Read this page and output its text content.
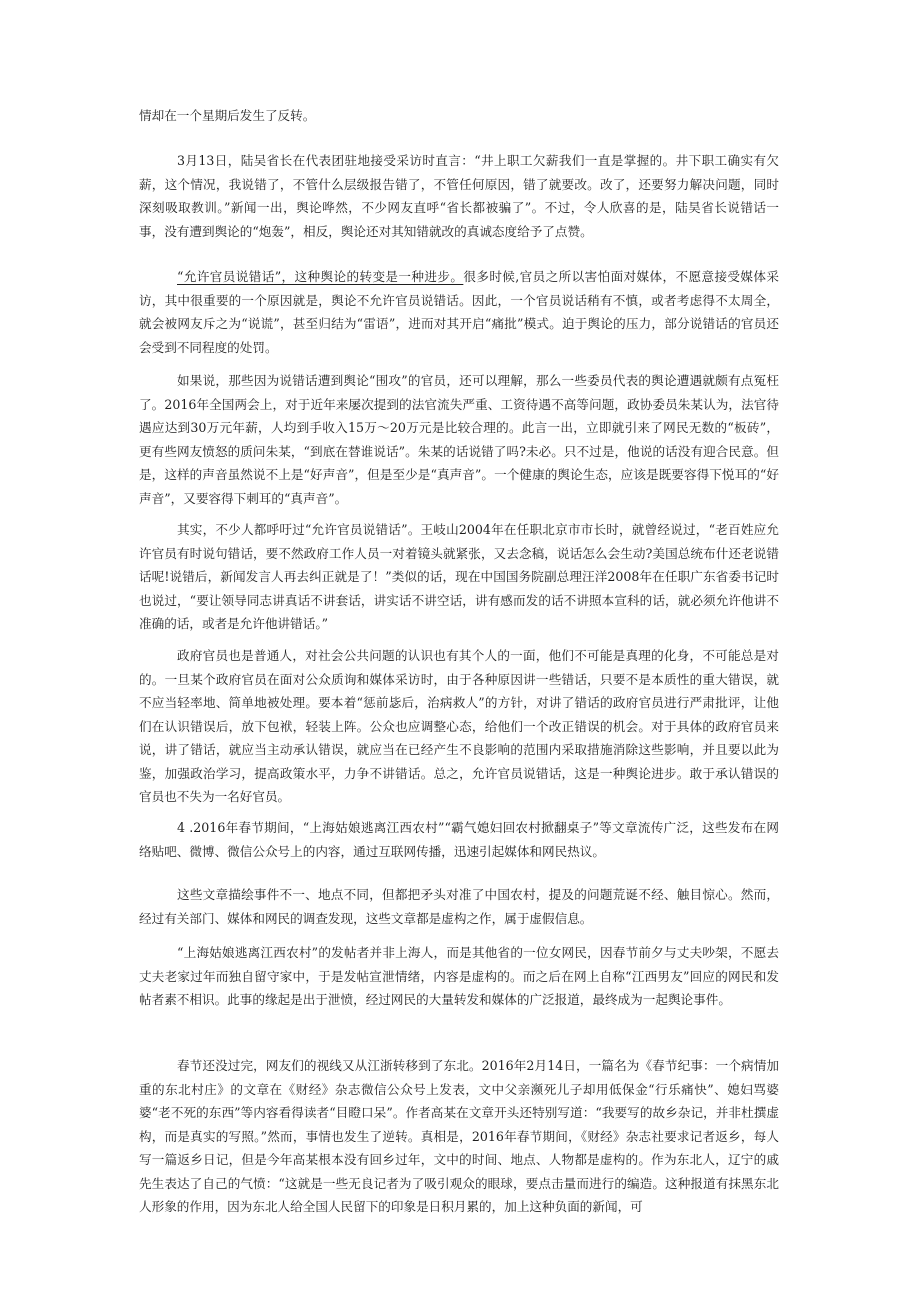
情却在一个星期后发生了反转。

3月13日，陆吴省长在代表团驻地接受采访时直言：“井上职工欠薪我们一直是掌握的。井下职工确实有欠薪，这个情况，我说错了，不管什么层级报告错了，不管任何原因，错了就要改。改了，还要努力解决问题，同时深刻吸取教训。”新闻一出，舆论哗然，不少网友直呼“省长都被骗了”。不过，令人欣喜的是，陆昊省长说错话一事，没有遭到舆论的“炮轰”，相反，舆论还对其知错就改的真诚态度给予了点赞。

“允许官员说错话”，这种舆论的转变是一种进步。很多时候,官员之所以害怕面对媒体，不愿意接受媒体采访，其中很重要的一个原因就是，舆论不允许官员说错话。因此，一个官员说话稍有不慎，或者考虑得不太周全，就会被网友斥之为“说谎”，甚至归结为“雷语”，进而对其开启“痛批”模式。迫于舆论的压力，部分说错话的官员还会受到不同程度的处罚。

如果说，那些因为说错话遭到舆论“围攻”的官员，还可以理解，那么一些委员代表的舆论遭遇就颇有点冤枉了。2016年全国两会上，对于近年来屡次提到的法官流失严重、工资待遇不高等问题，政协委员朱某认为，法官待遇应达到30万元年薪，人均到手收入15万～20万元是比较合理的。此言一出，立即就引来了网民无数的“板砖”，更有些网友愤怒的质问朱某，“到底在替谁说话”。朱某的话说错了吗?未必。只不过是，他说的话没有迎合民意。但是，这样的声音虽然说不上是“好声音”，但是至少是“真声音”。一个健康的舆论生态，应该是既要容得下悦耳的“好声音”，又要容得下刺耳的“真声音”。

其实，不少人都呼吁过“允许官员说错话”。王岐山2004年在任职北京市市长时，就曾经说过，“老百姓应允许官员有时说句错话，要不然政府工作人员一对着镜头就紧张，又去念稿，说话怎么会生动?美国总统布什还老说错话呢!说错后，新闻发言人再去纠正就是了！”类似的话，现在中国国务院副总理汪洋2008年在任职广东省委书记时也说过，“要让领导同志讲真话不讲套话，讲实话不讲空话，讲有感而发的话不讲照本宣科的话，就必须允许他讲不准确的话，或者是允许他讲错话。”

政府官员也是普通人，对社会公共问题的认识也有其个人的一面，他们不可能是真理的化身，不可能总是对的。一旦某个政府官员在面对公众质询和媒体采访时，由于各种原因讲一些错话，只要不是本质性的重大错误，就不应当轻率地、简单地被处理。要本着“惩前毖后，治病救人”的方针，对讲了错话的政府官员进行严肃批评，让他们在认识错误后，放下包袱，轻装上阵。公众也应调整心态，给他们一个改正错误的机会。对于具体的政府官员来说，讲了错话，就应当主动承认错误，就应当在已经产生不良影响的范围内采取措施消除这些影响，并且要以此为鉴，加强政治学习，提高政策水平，力争不讲错话。总之，允许官员说错话，这是一种舆论进步。敢于承认错误的官员也不失为一名好官员。

4 .2016年春节期间，“上海姑娘逃离江西农村”“霸气媳妇回农村掀翻桌子”等文章流传广泛，这些发布在网络贴吧、微博、微信公众号上的内容，通过互联网传播，迅速引起媒体和网民热议。

这些文章描绘事件不一、地点不同，但都把矛头对准了中国农村，提及的问题荒诞不经、触目惊心。然而，经过有关部门、媒体和网民的调查发现，这些文章都是虚构之作，属于虚假信息。

“上海姑娘逃离江西农村”的发帖者并非上海人，而是其他省的一位女网民，因春节前夕与丈夫吵架，不愿去丈夫老家过年而独自留守家中，于是发帖宣泄情绪，内容是虚构的。而之后在网上自称“江西男友”回应的网民和发帖者素不相识。此事的缘起是出于泄愤，经过网民的大量转发和媒体的广泛报道，最终成为一起舆论事件。

春节还没过完，网友们的视线又从江浙转移到了东北。2016年2月14日，一篇名为《春节纪事：一个病情加重的东北村庄》的文章在《财经》杂志微信公众号上发表，文中父亲濒死儿子却用低保金“行乐痛快”、媳妇骂婆婆“老不死的东西”等内容看得读者“目瞪口呆”。作者高某在文章开头还特别写道：“我要写的故乡杂记，并非杜撰虚构，而是真实的写照。”然而，事情也发生了逆转。真相是，2016年春节期间，《财经》杂志社要求记者返乡，每人写一篇返乡日记，但是今年高某根本没有回乡过年，文中的时间、地点、人物都是虚构的。作为东北人，辽宁的戚先生表达了自己的气愤：“这就是一些无良记者为了吸引观众的眼球，要点击量而进行的编造。这种报道有抹黑东北人形象的作用，因为东北人给全国人民留下的印象是日积月累的，加上这种负面的新闻，可
